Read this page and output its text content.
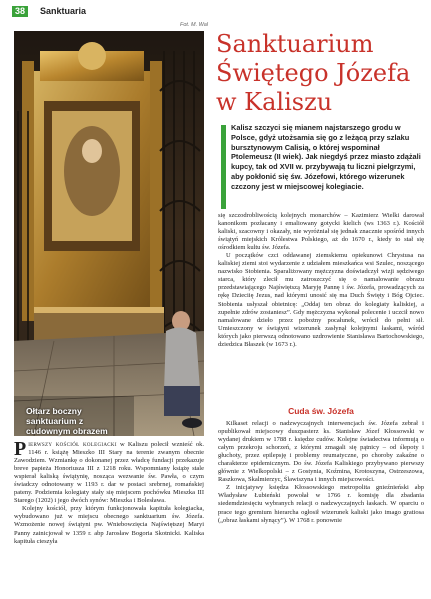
38	Sanktuaria
Fot. M. Wal
Ołtarz boczny sanktuarium z cudownym obrazem
Sanktuarium
Świętego Józefa
w Kaliszu

Kalisz szczyci się mianem najstarszego grodu w Polsce, gdyż utożsamia się go z leżącą przy szlaku bursztynowym Calisią, o której wspominał Ptolemeusz (II wiek). Jak niegdyś przez miasto zdążali kupcy, tak od XVII w. przybywają tu liczni pielgrzymi, aby pokłonić się św. Józefowi, którego wizerunek czczony jest w miejscowej kolegiacie.

Pierwszy kościół kolegiacki w Kaliszu polecił wznieść ok. 1146 r. książę Mieszko III Stary na terenie zwanym obecnie Zawodziem. Wzmiankę o dokonanej przez władcę fundacji przekazuje breve papieża Honoriusza III z 1218 roku. Wspomniany książę stale wspierał kaliską świątynię, nosząca wezwanie św. Pawła, o czym świadczy odnotowany w 1193 r. dar w postaci srebrnej, romańskiej pateny. Podziemia kolegiaty stały się miejscem pochówku Mieszka III Starego (1202) i jego dwóch synów: Mieszka i Bolesława.

Kolejny kościół, przy którym funkcjonowała kapituła kolegiacka, wybudowano już w miejscu obecnego sanktuarium św. Józefa. Wzmożenie nowej świątyni pw. Wniebowzięcia Najświętszej Maryi Panny zainicjował w 1359 r. abp Jarosław Bogoria Skotnicki. Kaliska kapituła cieszyła

się szczodrobliwością kolejnych monarchów – Kazimierz Wielki darował kanonikom pozłacany i emaliowany gotycki kielich (ws 1363 r.). Kościół kaliski, szacowny i okazały, nie wyróżniał się jednak znacznie spośród innych świątyń miejskich Królestwa Polskiego, aż do 1670 r., kiedy to stał się ośrodkiem kultu św. Józefa.

U początków czci oddawanej ziemskiemu opiekunowi Chrystusa na kaliskiej ziemi stoi wydarzenie z udziałem mieszkańca wsi Szulec, noszącego nazwisko Stobienia. Sparaliżowany mężczyzna doświadczył wizji sędziwego starca, który zlecił mu zatroszczyć się o namalowanie obrazu przedstawiającego Najświętszą Maryję Pannę i św. Józefa, prowadzących za rękę Dzieciię Jezus, nad którymi unosić się ma Duch Święty i Bóg Ojciec. Stobienia usłyszał obietnicę: „Oddaj ten obraz do kolegiaty kaliskiej, a zupełnie zdrów zostaniesz”. Gdy mężczyzna wykonał polecenie i uczcił nowo namalowane dzieło przez pobożny pocałunek, wrócił do pełni sił. Umieszczony w świątyni wizerunek zasłynął kolejnymi łaskami, wśród których jako pierwszą odnotowano uzdrowienie Stanisława Bartochowskiego, dziedzica Błaszek (w 1673 r.).

Cuda św. Józefa

Kilkaset relacji o nadzwyczajnych interwencjach św. Józefa zebrał i opublikował miejscowy duszpasterz ks. Stanisław Józef Kłossowski w wydanej drukiem w 1788 r. księdze cudów. Kolejne świadectwa informują o całym przekroju schorzeń, z którymi zmagali się pątnicy – od ślepoty i głuchoty, przez epilepsję i problemy reumatyczne, po choroby zakaźne o charakterze epidemicznym. Do św. Józefa Kaliskiego przybywano pierwszy głównie z Wielkopolski – z Gostynia, Koźmina, Krotoszyna, Ostrzeszowa, Raszkowa, Skalmierzyc, Ślawiszyna i innych miejscowości.

Z inicjatywy księdza Kłossowskiego metropolita gnieźnieński abp Władysław Łubieński powołał w 1766 r. komisję dla zbadania siedemdziesięciu wybranych relacji o nadzwyczajnych łaskach. W oparciu o prace tego gremium hierarcha ogłosił wizerunek kaliski jako imago gratiosa („obraz łaskami słynący”). W 1768 r. ponownie
